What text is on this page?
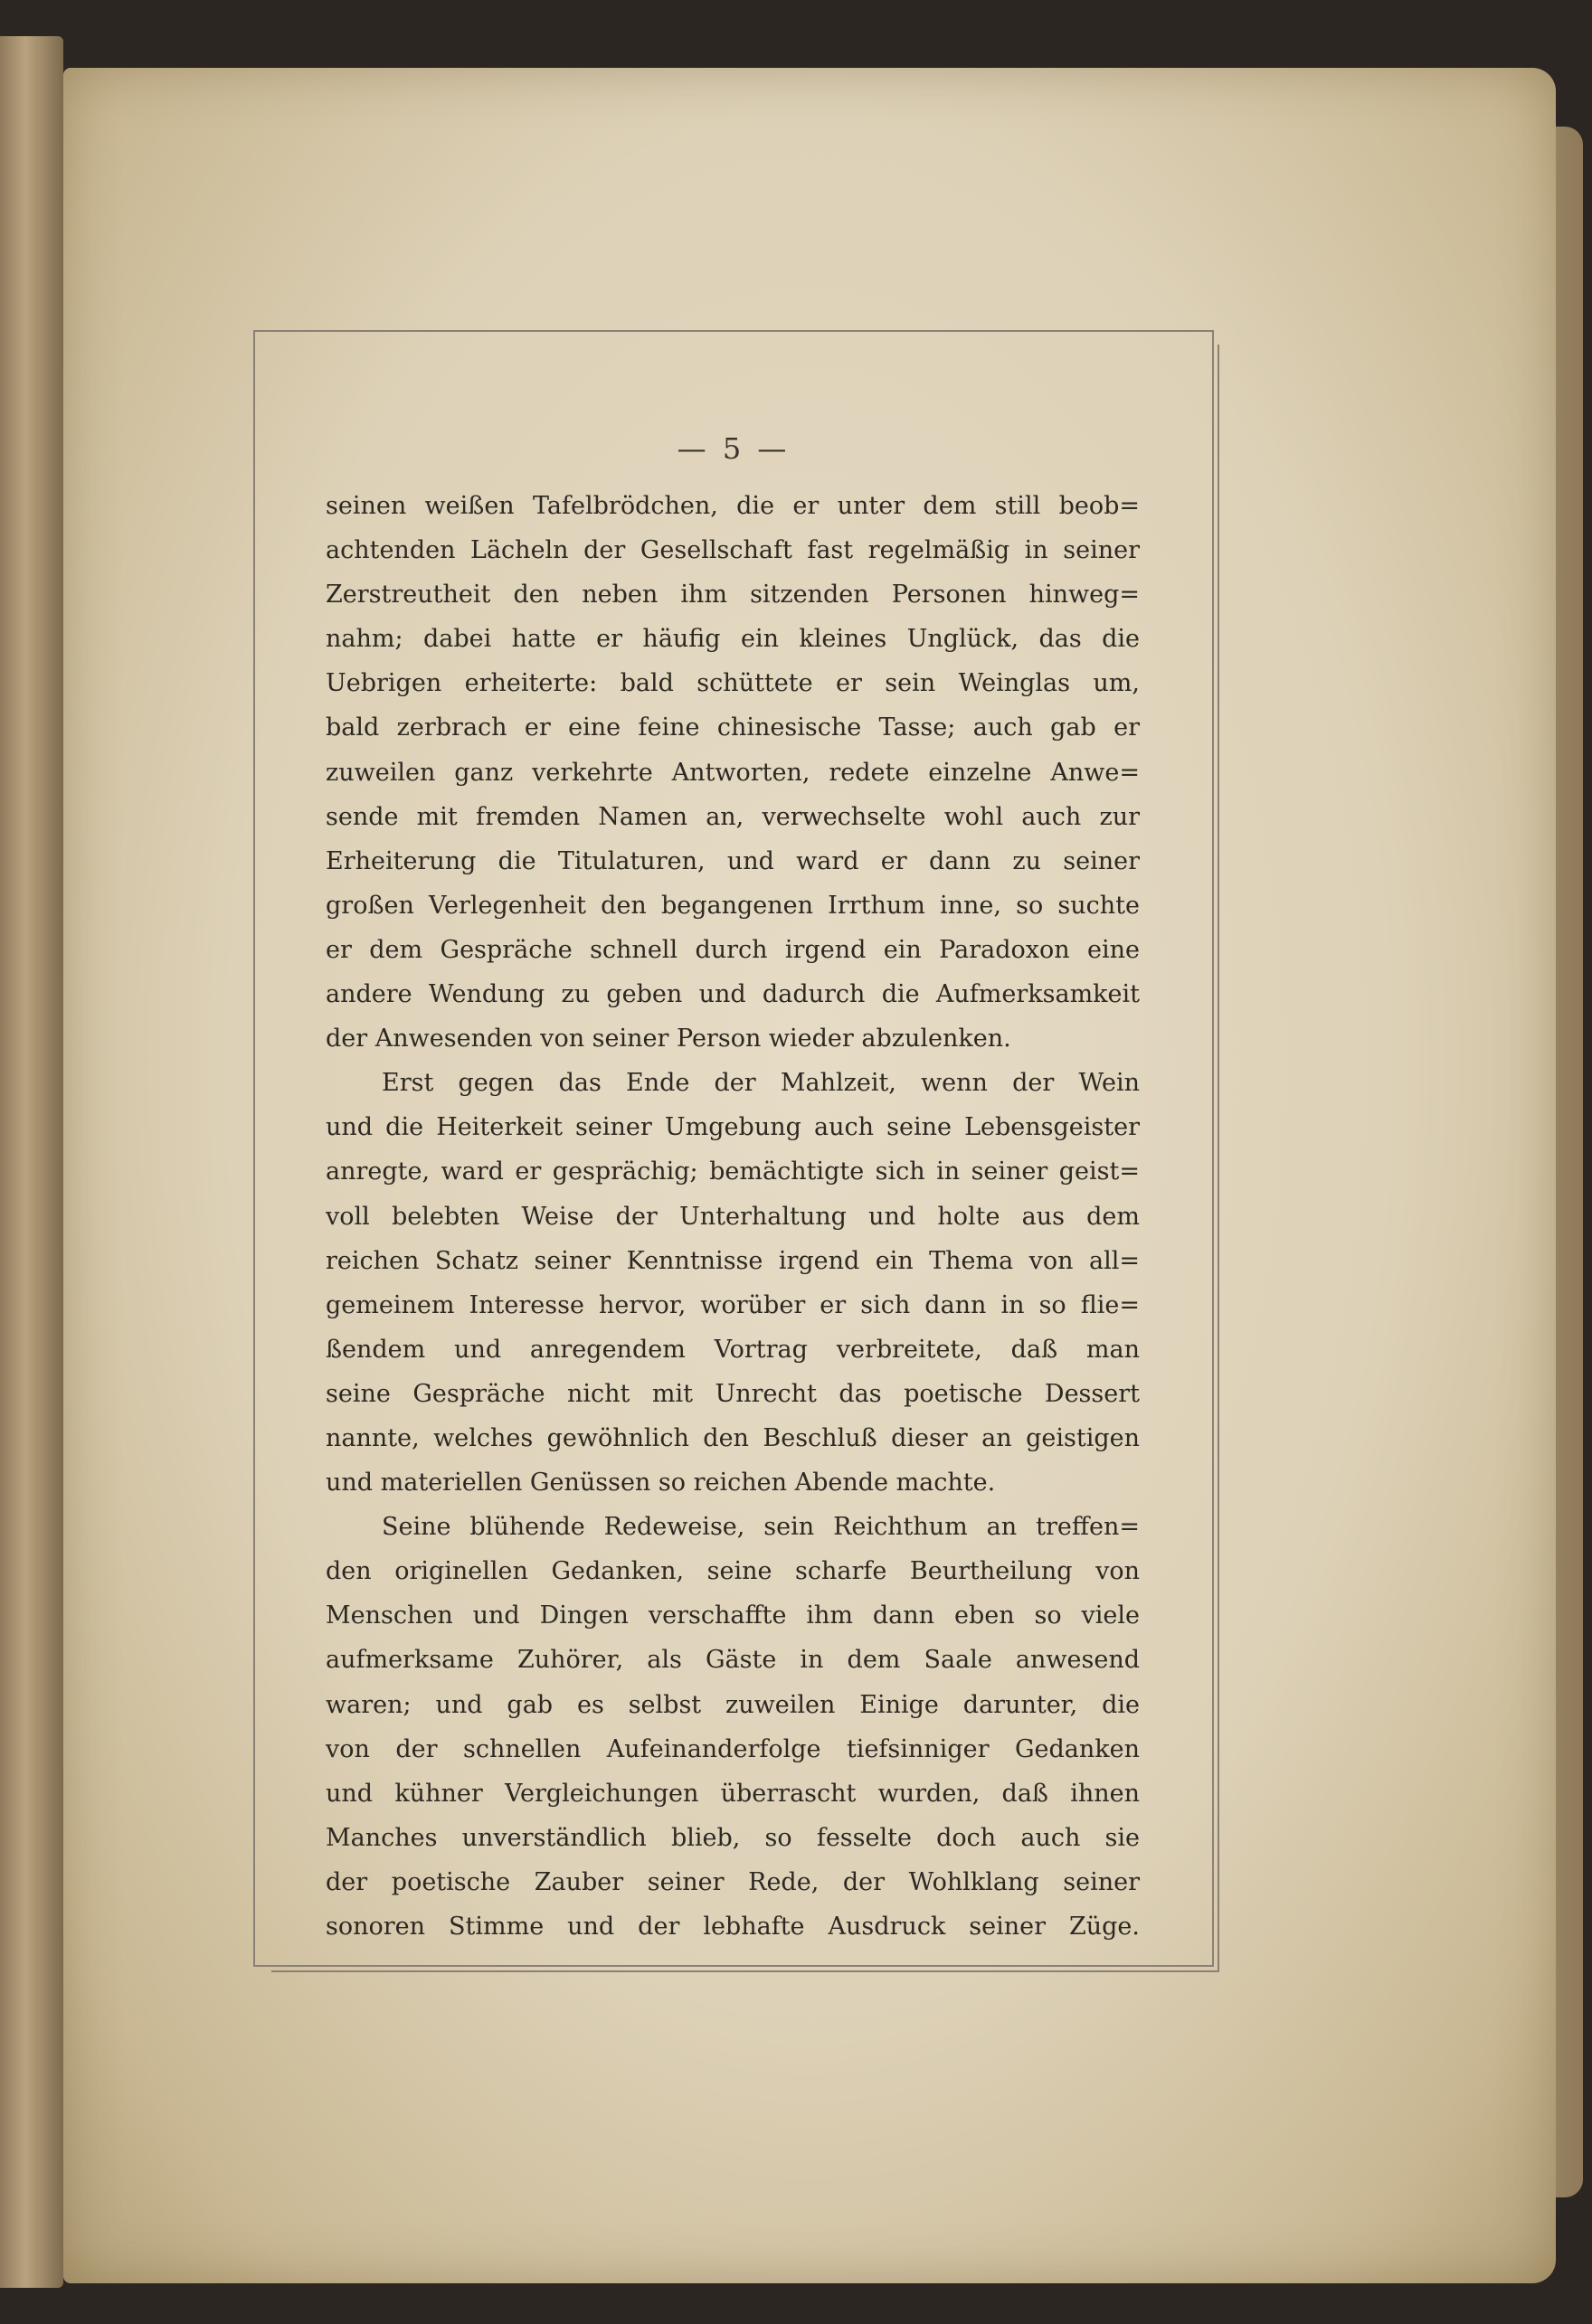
— 5 —
seinen weißen Tafelbrödchen, die er unter dem still beob=
achtenden Lächeln der Gesellschaft fast regelmäßig in seiner
Zerstreutheit den neben ihm sitzenden Personen hinweg=
nahm; dabei hatte er häufig ein kleines Unglück, das die
Uebrigen erheiterte: bald schüttete er sein Weinglas um,
bald zerbrach er eine feine chinesische Tasse; auch gab er
zuweilen ganz verkehrte Antworten, redete einzelne Anwe=
sende mit fremden Namen an, verwechselte wohl auch zur
Erheiterung die Titulaturen, und ward er dann zu seiner
großen Verlegenheit den begangenen Irrthum inne, so suchte
er dem Gespräche schnell durch irgend ein Paradoxon eine
andere Wendung zu geben und dadurch die Aufmerksamkeit
der Anwesenden von seiner Person wieder abzulenken.
Erst gegen das Ende der Mahlzeit, wenn der Wein
und die Heiterkeit seiner Umgebung auch seine Lebensgeister
anregte, ward er gesprächig; bemächtigte sich in seiner geist=
voll belebten Weise der Unterhaltung und holte aus dem
reichen Schatz seiner Kenntnisse irgend ein Thema von all=
gemeinem Interesse hervor, worüber er sich dann in so flie=
ßendem und anregendem Vortrag verbreitete, daß man
seine Gespräche nicht mit Unrecht das poetische Dessert
nannte, welches gewöhnlich den Beschluß dieser an geistigen
und materiellen Genüssen so reichen Abende machte.
Seine blühende Redeweise, sein Reichthum an treffen=
den originellen Gedanken, seine scharfe Beurtheilung von
Menschen und Dingen verschaffte ihm dann eben so viele
aufmerksame Zuhörer, als Gäste in dem Saale anwesend
waren; und gab es selbst zuweilen Einige darunter, die
von der schnellen Aufeinanderfolge tiefsinniger Gedanken
und kühner Vergleichungen überrascht wurden, daß ihnen
Manches unverständlich blieb, so fesselte doch auch sie
der poetische Zauber seiner Rede, der Wohlklang seiner
sonoren Stimme und der lebhafte Ausdruck seiner Züge.
